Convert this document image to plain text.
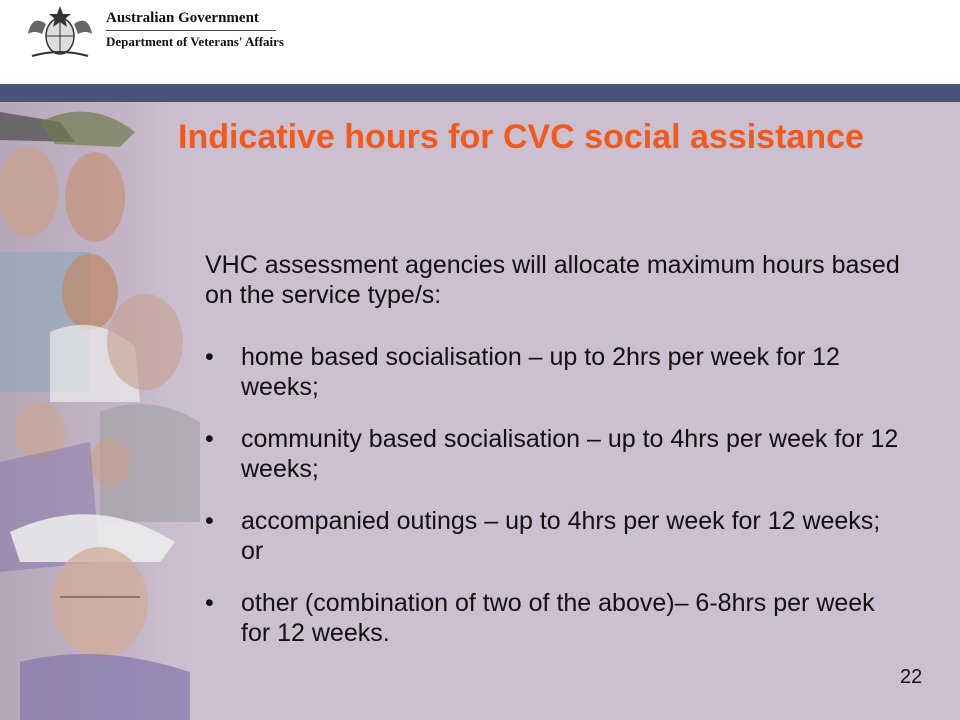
Australian Government
Department of Veterans' Affairs
Indicative hours for CVC social assistance
VHC assessment agencies will allocate maximum hours based on the service type/s:
• home based socialisation – up to 2hrs per week for 12 weeks;
• community based socialisation – up to 4hrs per week for 12 weeks;
• accompanied outings – up to 4hrs per week for 12 weeks; or
• other (combination of two of the above)– 6-8hrs per week for 12 weeks.
22
